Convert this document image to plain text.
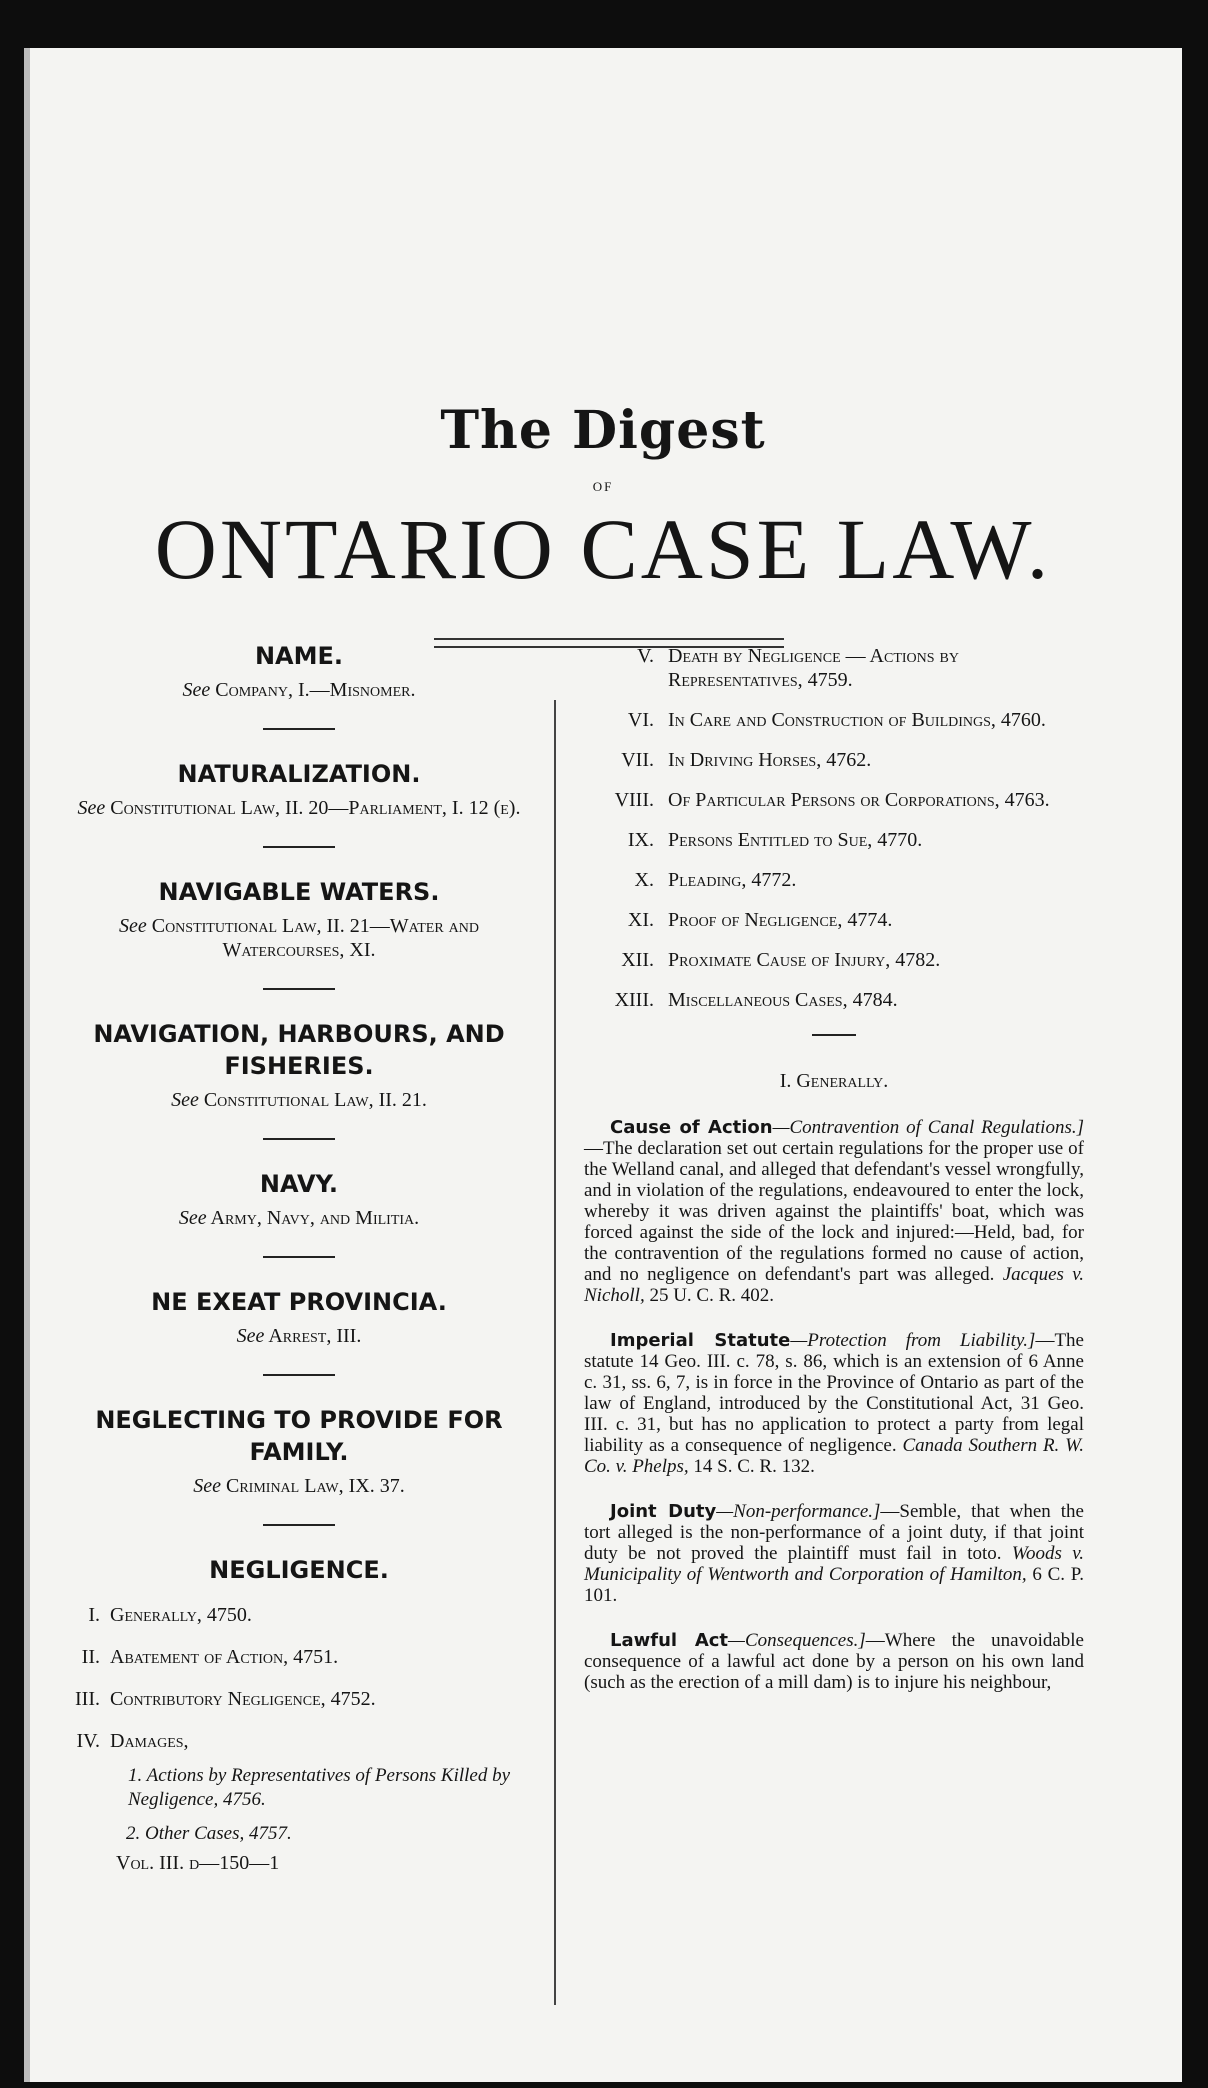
The Digest
OF
ONTARIO CASE LAW.

NAME.

See Company, I.—Misnomer.

NATURALIZATION.

See Constitutional Law, II. 20—Parliament, I. 12 (e).

NAVIGABLE WATERS.

See Constitutional Law, II. 21—Water and Watercourses, XI.

NAVIGATION, HARBOURS, AND FISHERIES.

See Constitutional Law, II. 21.

NAVY.

See Army, Navy, and Militia.

NE EXEAT PROVINCIA.

See Arrest, III.

NEGLECTING TO PROVIDE FOR FAMILY.

See Criminal Law, IX. 37.

NEGLIGENCE.

I. Generally, 4750.
II. Abatement of Action, 4751.
III. Contributory Negligence, 4752.
IV. Damages,
1. Actions by Representatives of Persons Killed by Negligence, 4756.
2. Other Cases, 4757.
Vol. III. d—150—1
V. Death by Negligence — Actions by Representatives, 4759.
VI. In Care and Construction of Buildings, 4760.
VII. In Driving Horses, 4762.
VIII. Of Particular Persons or Corporations, 4763.
IX. Persons Entitled to Sue, 4770.
X. Pleading, 4772.
XI. Proof of Negligence, 4774.
XII. Proximate Cause of Injury, 4782.
XIII. Miscellaneous Cases, 4784.
I. Generally.

Cause of Action—Contravention of Canal Regulations.]—The declaration set out certain regulations for the proper use of the Welland canal, and alleged that defendant's vessel wrongfully, and in violation of the regulations, endeavoured to enter the lock, whereby it was driven against the plaintiffs' boat, which was forced against the side of the lock and injured:—Held, bad, for the contravention of the regulations formed no cause of action, and no negligence on defendant's part was alleged. Jacques v. Nicholl, 25 U. C. R. 402.

Imperial Statute—Protection from Liability.]—The statute 14 Geo. III. c. 78, s. 86, which is an extension of 6 Anne c. 31, ss. 6, 7, is in force in the Province of Ontario as part of the law of England, introduced by the Constitutional Act, 31 Geo. III. c. 31, but has no application to protect a party from legal liability as a consequence of negligence. Canada Southern R. W. Co. v. Phelps, 14 S. C. R. 132.

Joint Duty—Non-performance.]—Semble, that when the tort alleged is the non-performance of a joint duty, if that joint duty be not proved the plaintiff must fail in toto. Woods v. Municipality of Wentworth and Corporation of Hamilton, 6 C. P. 101.

Lawful Act—Consequences.]—Where the unavoidable consequence of a lawful act done by a person on his own land (such as the erection of a mill dam) is to injure his neighbour,
